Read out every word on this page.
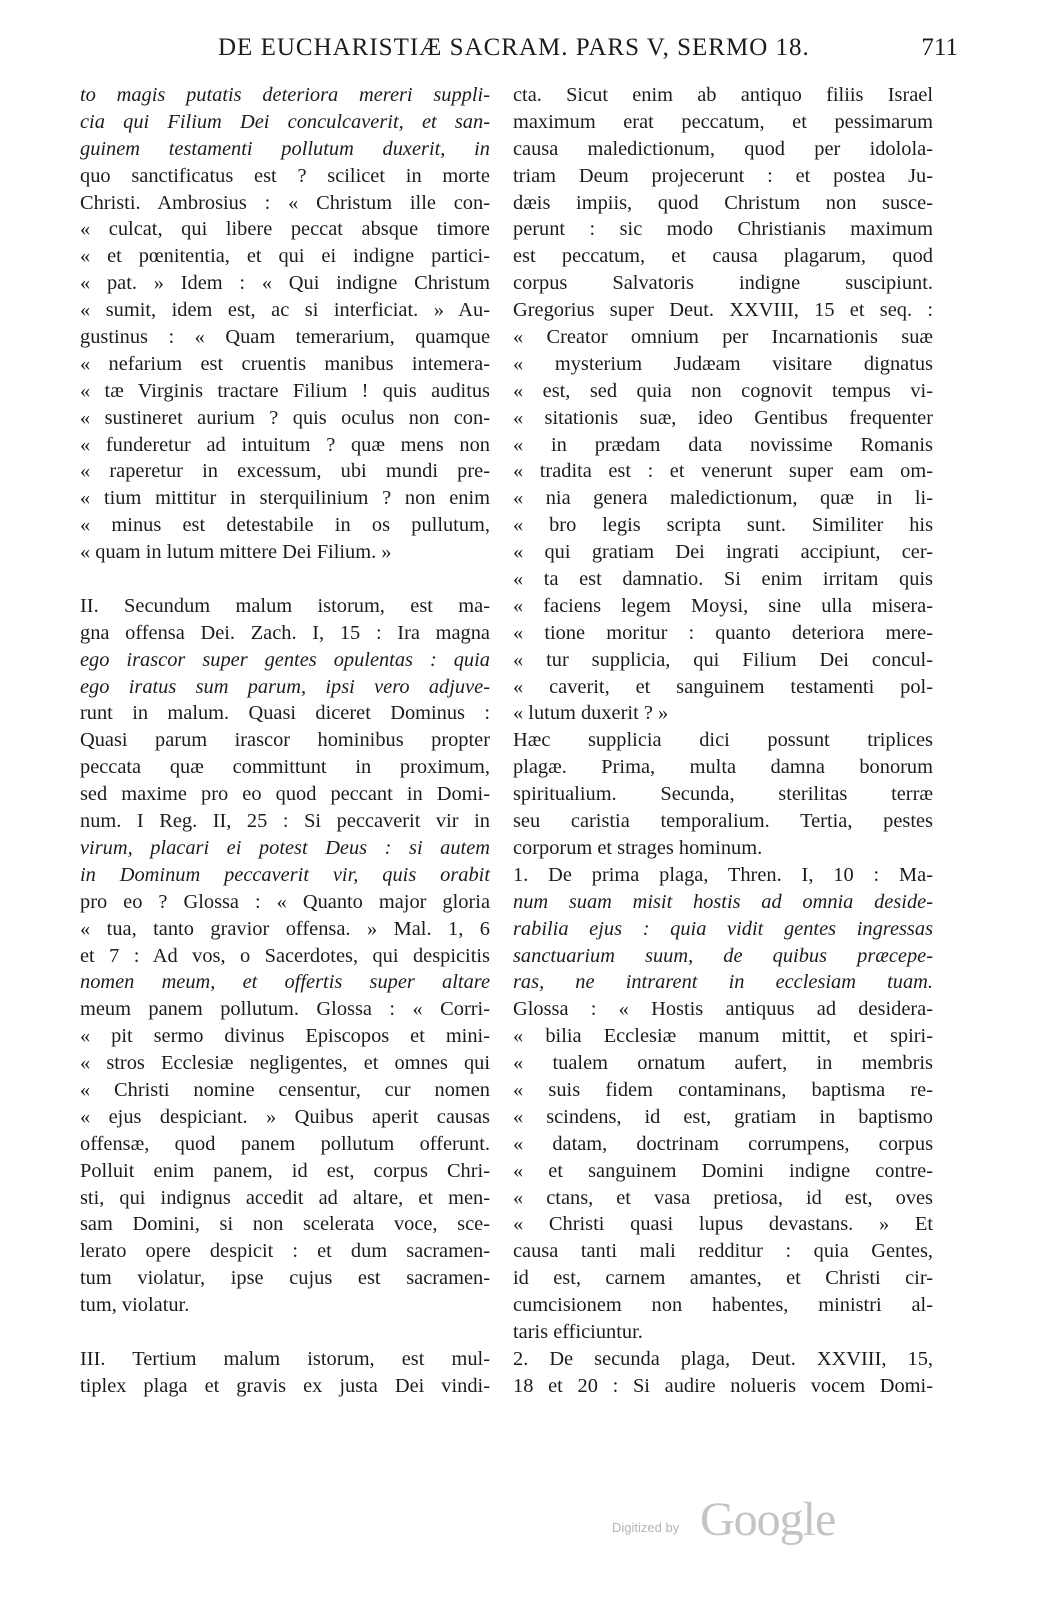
DE EUCHARISTIÆ SACRAM. PARS V, SERMO 18.	711
to magis putatis deteriora mereri suppli-
cia qui Filium Dei conculcaverit, et san-
guinem testamenti pollutum duxerit, in
quo sanctificatus est ? scilicet in morte
Christi. Ambrosius : « Christum ille con-
« culcat, qui libere peccat absque timore
« et pœnitentia, et qui ei indigne partici-
« pat. » Idem : « Qui indigne Christum
« sumit, idem est, ac si interficiat. » Au-
gustinus : « Quam temerarium, quamque
« nefarium est cruentis manibus intemera-
« tæ Virginis tractare Filium ! quis auditus
« sustineret aurium ? quis oculus non con-
« funderetur ad intuitum ? quæ mens non
« raperetur in excessum, ubi mundi pre-
« tium mittitur in sterquilinium ? non enim
« minus est detestabile in os pullutum,
« quam in lutum mittere Dei Filium. »
II. Secundum malum istorum, est ma-
gna offensa Dei. Zach. I, 15 : Ira magna
ego irascor super gentes opulentas : quia
ego iratus sum parum, ipsi vero adjuve-
runt in malum. Quasi diceret Dominus :
Quasi parum irascor hominibus propter
peccata quæ committunt in proximum,
sed maxime pro eo quod peccant in Domi-
num. I Reg. II, 25 : Si peccaverit vir in
virum, placari ei potest Deus : si autem
in Dominum peccaverit vir, quis orabit
pro eo ? Glossa : « Quanto major gloria
« tua, tanto gravior offensa. » Mal. 1, 6
et 7 : Ad vos, o Sacerdotes, qui despicitis
nomen meum, et offertis super altare
meum panem pollutum. Glossa : « Corri-
« pit sermo divinus Episcopos et mini-
« stros Ecclesiæ negligentes, et omnes qui
« Christi nomine censentur, cur nomen
« ejus despiciant. » Quibus aperit causas
offensæ, quod panem pollutum offerunt.
Polluit enim panem, id est, corpus Chri-
sti, qui indignus accedit ad altare, et men-
sam Domini, si non scelerata voce, sce-
lerato opere despicit : et dum sacramen-
tum violatur, ipse cujus est sacramen-
tum, violatur.
III. Tertium malum istorum, est mul-
tiplex plaga et gravis ex justa Dei vindi-
cta. Sicut enim ab antiquo filiis Israel
maximum erat peccatum, et pessimarum
causa maledictionum, quod per idolola-
triam Deum projecerunt : et postea Ju-
dæis impiis, quod Christum non susce-
perunt : sic modo Christianis maximum
est peccatum, et causa plagarum, quod
corpus Salvatoris indigne suscipiunt.
Gregorius super Deut. XXVIII, 15 et seq. :
« Creator omnium per Incarnationis suæ
« mysterium Judæam visitare dignatus
« est, sed quia non cognovit tempus vi-
« sitationis suæ, ideo Gentibus frequenter
« in prædam data novissime Romanis
« tradita est : et venerunt super eam om-
« nia genera maledictionum, quæ in li-
« bro legis scripta sunt. Similiter his
« qui gratiam Dei ingrati accipiunt, cer-
« ta est damnatio. Si enim irritam quis
« faciens legem Moysi, sine ulla misera-
« tione moritur : quanto deteriora mere-
« tur supplicia, qui Filium Dei concul-
« caverit, et sanguinem testamenti pol-
« lutum duxerit ? »
Hæc supplicia dici possunt triplices
plagæ. Prima, multa damna bonorum
spiritualium. Secunda, sterilitas terræ
seu caristia temporalium. Tertia, pestes
corporum et strages hominum.
1. De prima plaga, Thren. I, 10 : Ma-
num suam misit hostis ad omnia deside-
rabilia ejus : quia vidit gentes ingressas
sanctuarium suum, de quibus præcepe-
ras, ne intrarent in ecclesiam tuam.
Glossa : « Hostis antiquus ad desidera-
« bilia Ecclesiæ manum mittit, et spiri-
« tualem ornatum aufert, in membris
« suis fidem contaminans, baptisma re-
« scindens, id est, gratiam in baptismo
« datam, doctrinam corrumpens, corpus
« et sanguinem Domini indigne contre-
« ctans, et vasa pretiosa, id est, oves
« Christi quasi lupus devastans. » Et
causa tanti mali redditur : quia Gentes,
id est, carnem amantes, et Christi cir-
cumcisionem non habentes, ministri al-
taris efficiuntur.
2. De secunda plaga, Deut. XXVIII, 15,
18 et 20 : Si audire nolueris vocem Domi-
Digitized by Google
